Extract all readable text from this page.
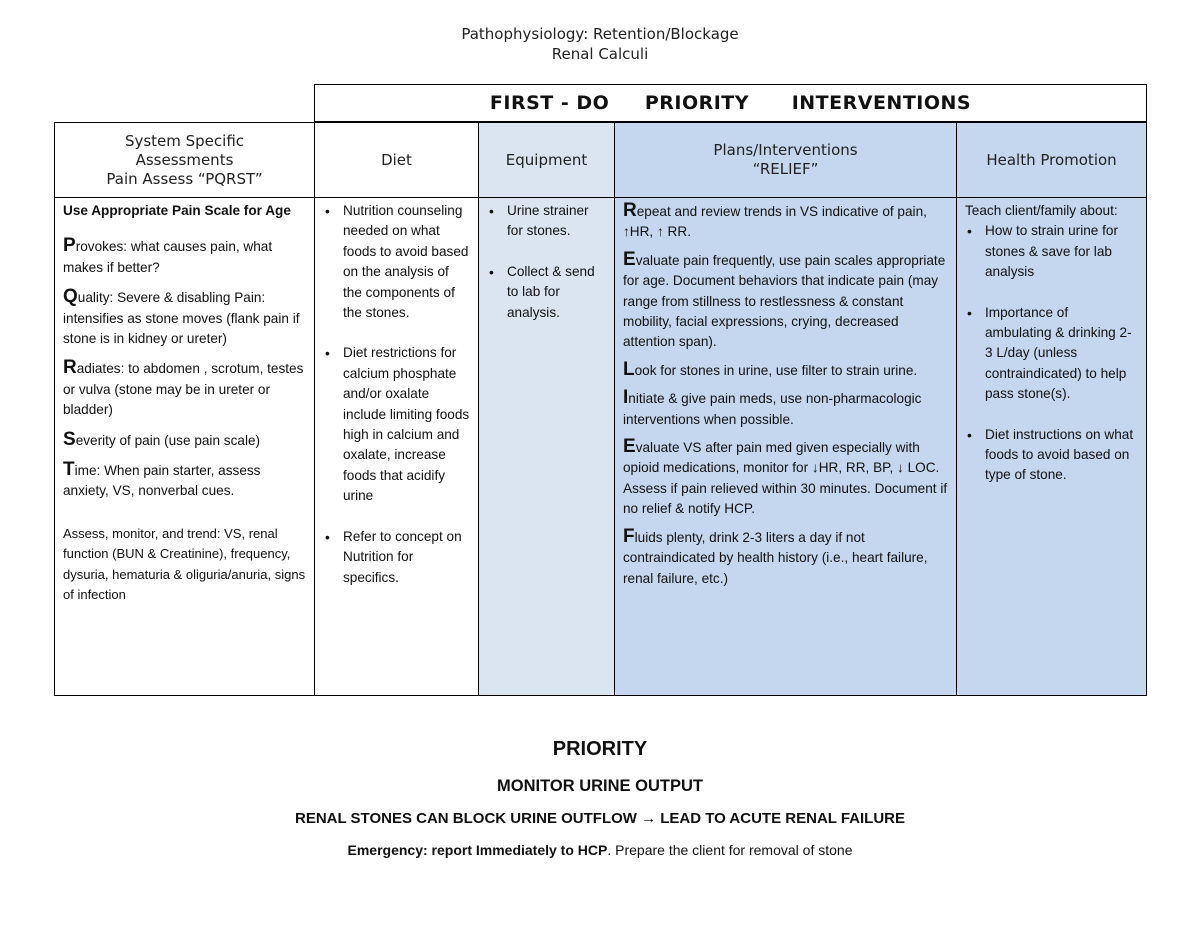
Pathophysiology: Retention/Blockage
Renal Calculi
FIRST - DO     PRIORITY      INTERVENTIONS
System Specific
Assessments
Pain Assess “PQRST”

Use Appropriate Pain Scale for Age

Provokes: what causes pain, what makes if better?

Quality: Severe & disabling Pain: intensifies as stone moves (flank pain if stone is in kidney or ureter)

Radiates: to abdomen , scrotum, testes or vulva (stone may be in ureter or bladder)

Severity of pain (use pain scale)

Time: When pain starter, assess anxiety, VS, nonverbal cues.

Assess, monitor, and trend: VS, renal function (BUN & Creatinine), frequency, dysuria, hematuria & oliguria/anuria, signs of infection

Diet
• Nutrition counseling needed on what foods to avoid based on the analysis of the components of the stones.
• Diet restrictions for calcium phosphate and/or oxalate include limiting foods high in calcium and oxalate, increase foods that acidify urine
• Refer to concept on Nutrition for specifics.
Equipment
• Urine strainer for stones.
• Collect & send to lab for analysis.
Plans/Interventions
“RELIEF”

Repeat and review trends in VS indicative of pain, ↑HR, ↑ RR.

Evaluate pain frequently, use pain scales appropriate for age. Document behaviors that indicate pain (may range from stillness to restlessness & constant mobility, facial expressions, crying, decreased attention span).

Look for stones in urine, use filter to strain urine.

Initiate & give pain meds, use non-pharmacologic interventions when possible.

Evaluate VS after pain med given especially with opioid medications, monitor for ↓HR, RR, BP, ↓ LOC. Assess if pain relieved within 30 minutes. Document if no relief & notify HCP.

Fluids plenty, drink 2-3 liters a day if not contraindicated by health history (i.e., heart failure, renal failure, etc.)

Health Promotion
Teach client/family about:
• How to strain urine for stones & save for lab analysis
• Importance of ambulating & drinking 2-3 L/day (unless contraindicated) to help pass stone(s).
• Diet instructions on what foods to avoid based on type of stone.
PRIORITY
MONITOR URINE OUTPUT
RENAL STONES CAN BLOCK URINE OUTFLOW → LEAD TO ACUTE RENAL FAILURE
Emergency: report Immediately to HCP. Prepare the client for removal of stone
